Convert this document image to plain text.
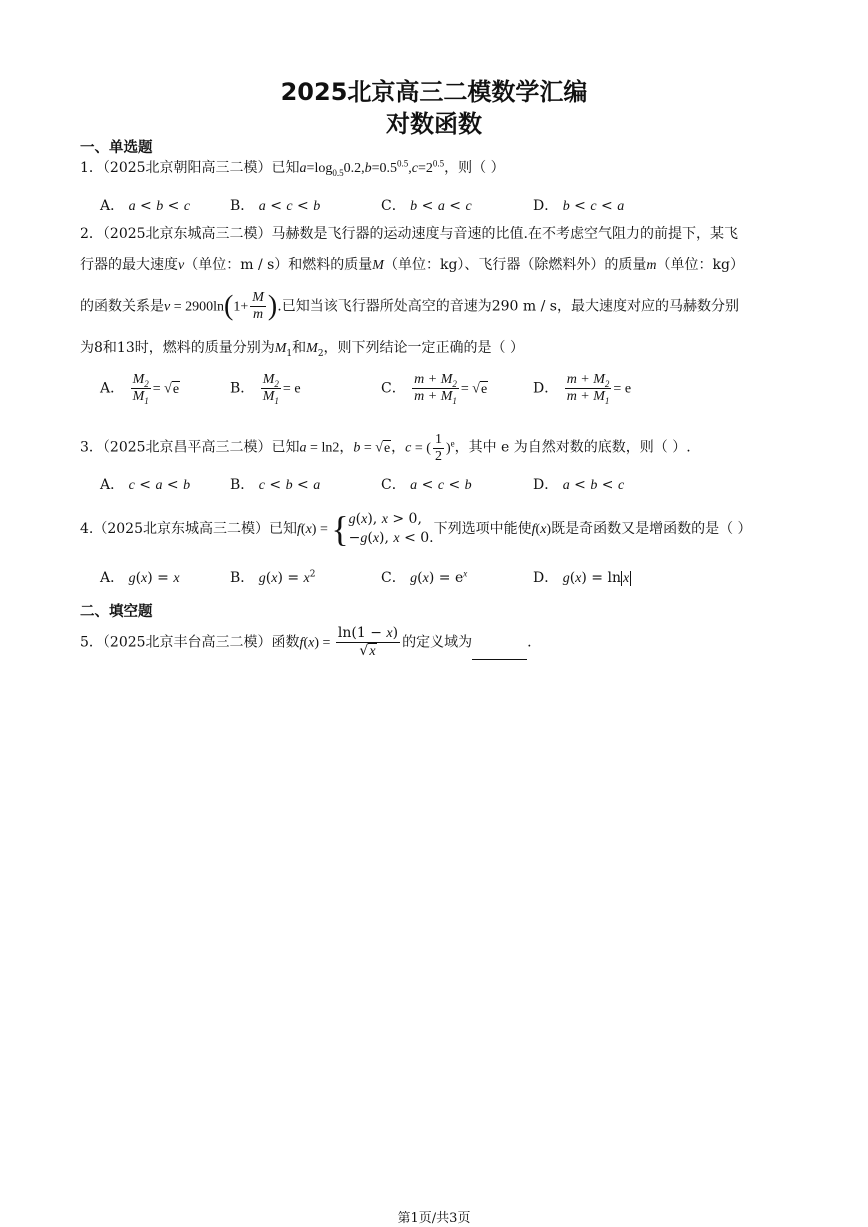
2025北京高三二模数学汇编
对数函数
一、单选题
1．（2025北京朝阳高三二模）已知$a=\log_{0.5}0.2,b=0.5^{0.5},c=2^{0.5}$，则（ ）
A． a < b < c	B． a < c < b	C． b < a < c	D． b < c < a
2．（2025北京东城高三二模）马赫数是飞行器的运动速度与音速的比值.在不考虑空气阻力的前提下，某飞
行器的最大速度v（单位：m / s）和燃料的质量M（单位：kg）、飞行器（除燃料外）的质量m（单位：kg）
的函数关系是$v = 2900\ln(1+ \frac{M}{m}$ ).已知当该飞行器所处高空的音速为290 m / s，最大速度对应的马赫数分别
为8和13时，燃料的质量分别为$M_1$和$M_2$，则下列结论一定正确的是（ ）
A． $\frac{M_2}{M_1} = √e$	B． $\frac{M_2}{M_1} = e$	C． $\frac{m + M_2}{m + M_1} = √e$	D． $\frac{m + M_2}{m + M_1} = e$
3．（2025北京昌平高三二模）已知a = ln2，b = √e，c = ( $\frac{1}{2} )^e$，其中 e 为自然对数的底数，则（ ）.
A． c < a < b	B． c < b < a	C． a < c < b	D． a < b < c
4.（2025北京东城高三二模）已知f(x) = { g(x), x > 0,
−g(x), x < 0.
下列选项中能使f(x)既是奇函数又是增函数的是（ ）
A． g(x) = x	B． $g(x) = x^2$	C． $g(x) = e^x$	D． g(x) = ln x
二、填空题
5．（2025北京丰台高三二模）函数$f(x) = \frac{\ln(1 - x)}{√x}$ 的定义域为	.
第1页/共3页
